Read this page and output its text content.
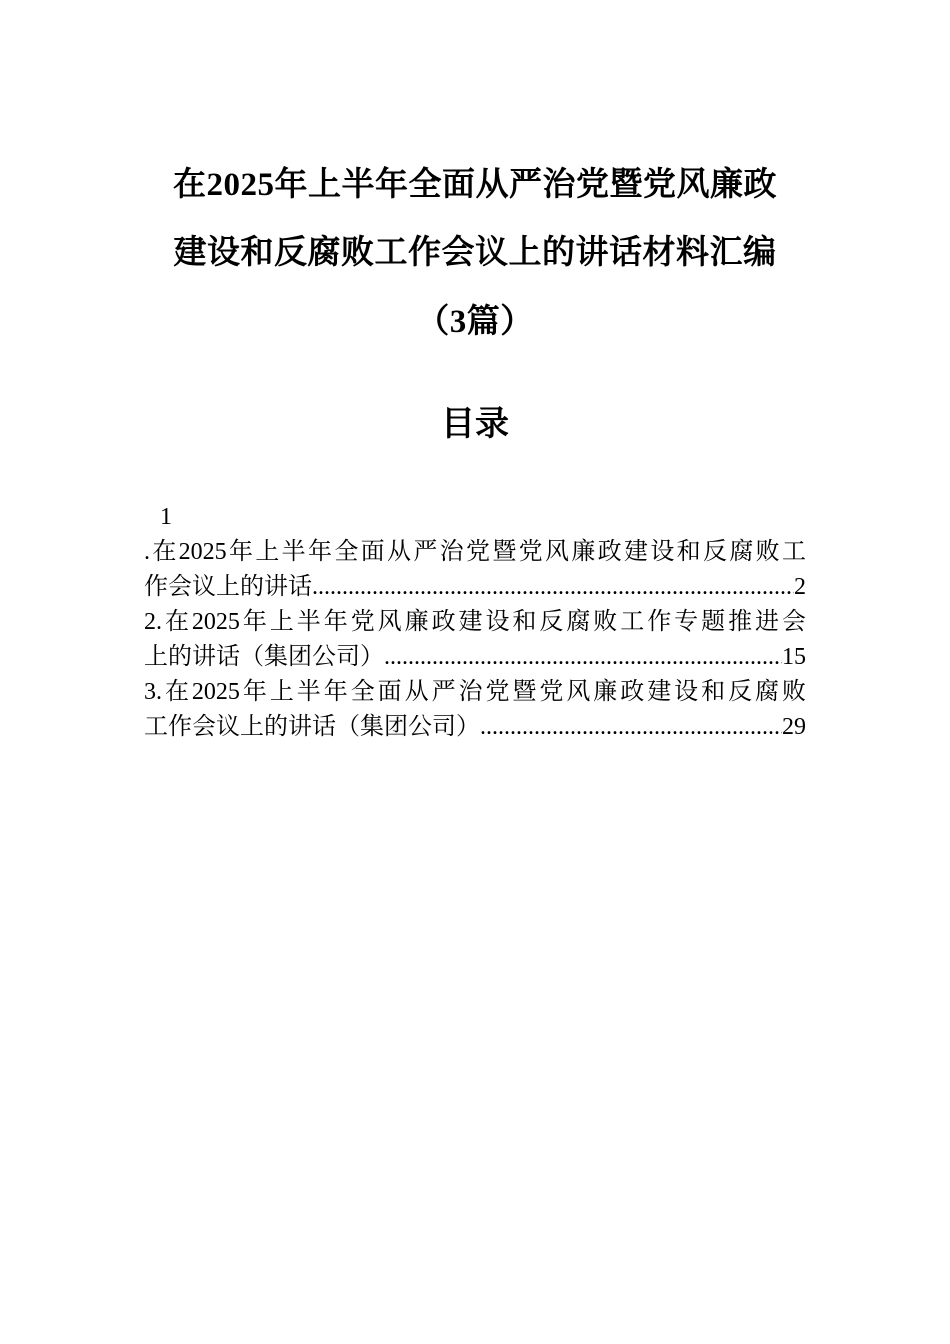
在2025年上半年全面从严治党暨党风廉政
建设和反腐败工作会议上的讲话材料汇编
（3篇）
目录
1
.在2025年上半年全面从严治党暨党风廉政建设和反腐败工
作会议上的讲话 .....	2
2.在2025年上半年党风廉政建设和反腐败工作专题推进会
上的讲话（集团公司） .....	15
3.在2025年上半年全面从严治党暨党风廉政建设和反腐败
工作会议上的讲话（集团公司） .....	29
